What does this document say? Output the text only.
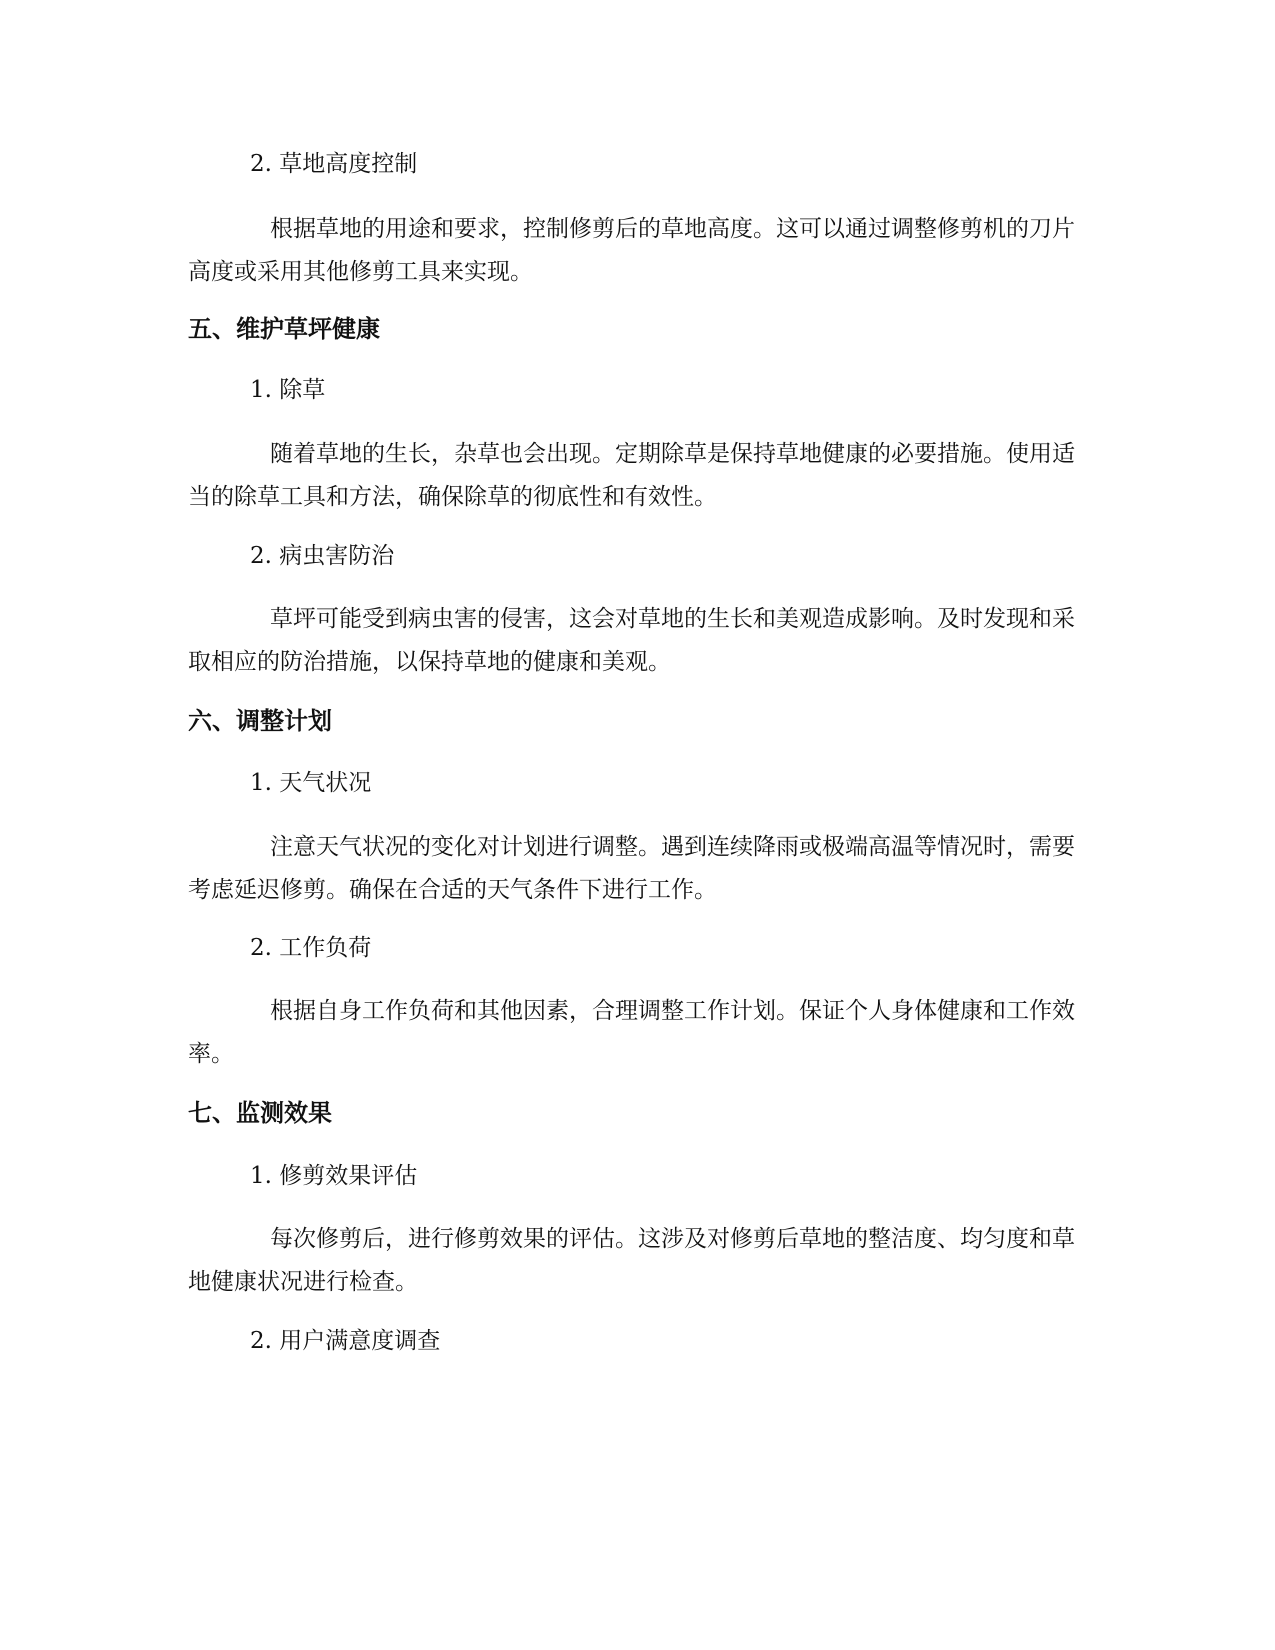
2. 草地高度控制
根据草地的用途和要求，控制修剪后的草地高度。这可以通过调整修剪机的刀片高度或采用其他修剪工具来实现。
五、维护草坪健康
1. 除草
随着草地的生长，杂草也会出现。定期除草是保持草地健康的必要措施。使用适当的除草工具和方法，确保除草的彻底性和有效性。
2. 病虫害防治
草坪可能受到病虫害的侵害，这会对草地的生长和美观造成影响。及时发现和采取相应的防治措施，以保持草地的健康和美观。
六、调整计划
1. 天气状况
注意天气状况的变化对计划进行调整。遇到连续降雨或极端高温等情况时，需要考虑延迟修剪。确保在合适的天气条件下进行工作。
2. 工作负荷
根据自身工作负荷和其他因素，合理调整工作计划。保证个人身体健康和工作效率。
七、监测效果
1. 修剪效果评估
每次修剪后，进行修剪效果的评估。这涉及对修剪后草地的整洁度、均匀度和草地健康状况进行检查。
2. 用户满意度调查
